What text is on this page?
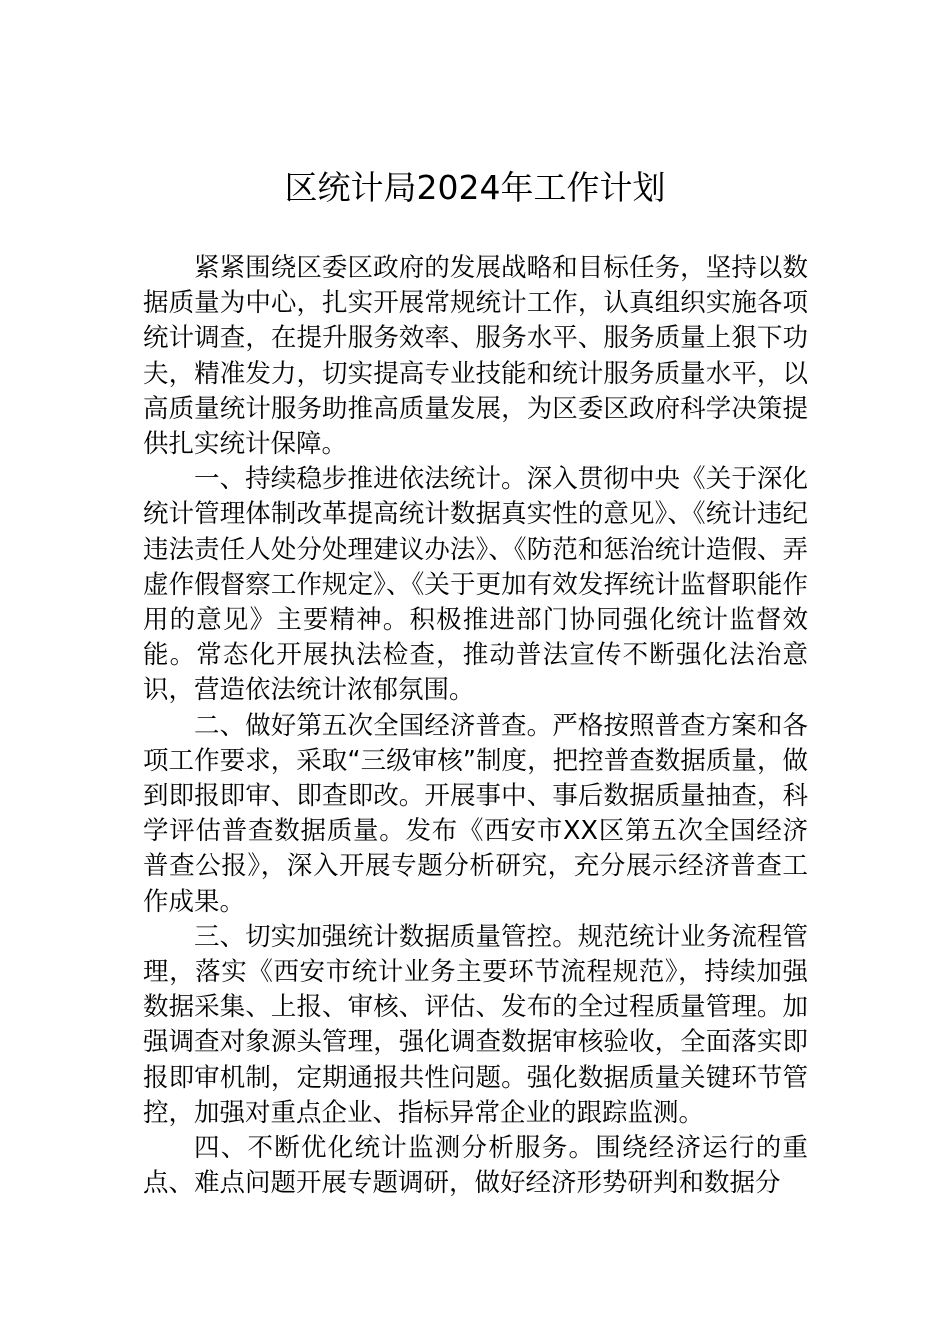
区统计局2024年工作计划

紧紧围绕区委区政府的发展战略和目标任务，坚持以数据质量为中心，扎实开展常规统计工作，认真组织实施各项统计调查，在提升服务效率、服务水平、服务质量上狠下功夫，精准发力，切实提高专业技能和统计服务质量水平，以高质量统计服务助推高质量发展，为区委区政府科学决策提供扎实统计保障。

一、持续稳步推进依法统计。深入贯彻中央《关于深化统计管理体制改革提高统计数据真实性的意见》、《统计违纪违法责任人处分处理建议办法》、《防范和惩治统计造假、弄虚作假督察工作规定》、《关于更加有效发挥统计监督职能作用的意见》主要精神。积极推进部门协同强化统计监督效能。常态化开展执法检查，推动普法宣传不断强化法治意识，营造依法统计浓郁氛围。

二、做好第五次全国经济普查。严格按照普查方案和各项工作要求，采取“三级审核”制度，把控普查数据质量，做到即报即审、即查即改。开展事中、事后数据质量抽查，科学评估普查数据质量。发布《西安市XX区第五次全国经济普查公报》，深入开展专题分析研究，充分展示经济普查工作成果。

三、切实加强统计数据质量管控。规范统计业务流程管理，落实《西安市统计业务主要环节流程规范》，持续加强数据采集、上报、审核、评估、发布的全过程质量管理。加强调查对象源头管理，强化调查数据审核验收，全面落实即报即审机制，定期通报共性问题。强化数据质量关键环节管控，加强对重点企业、指标异常企业的跟踪监测。

四、不断优化统计监测分析服务。围绕经济运行的重点、难点问题开展专题调研，做好经济形势研判和数据分
